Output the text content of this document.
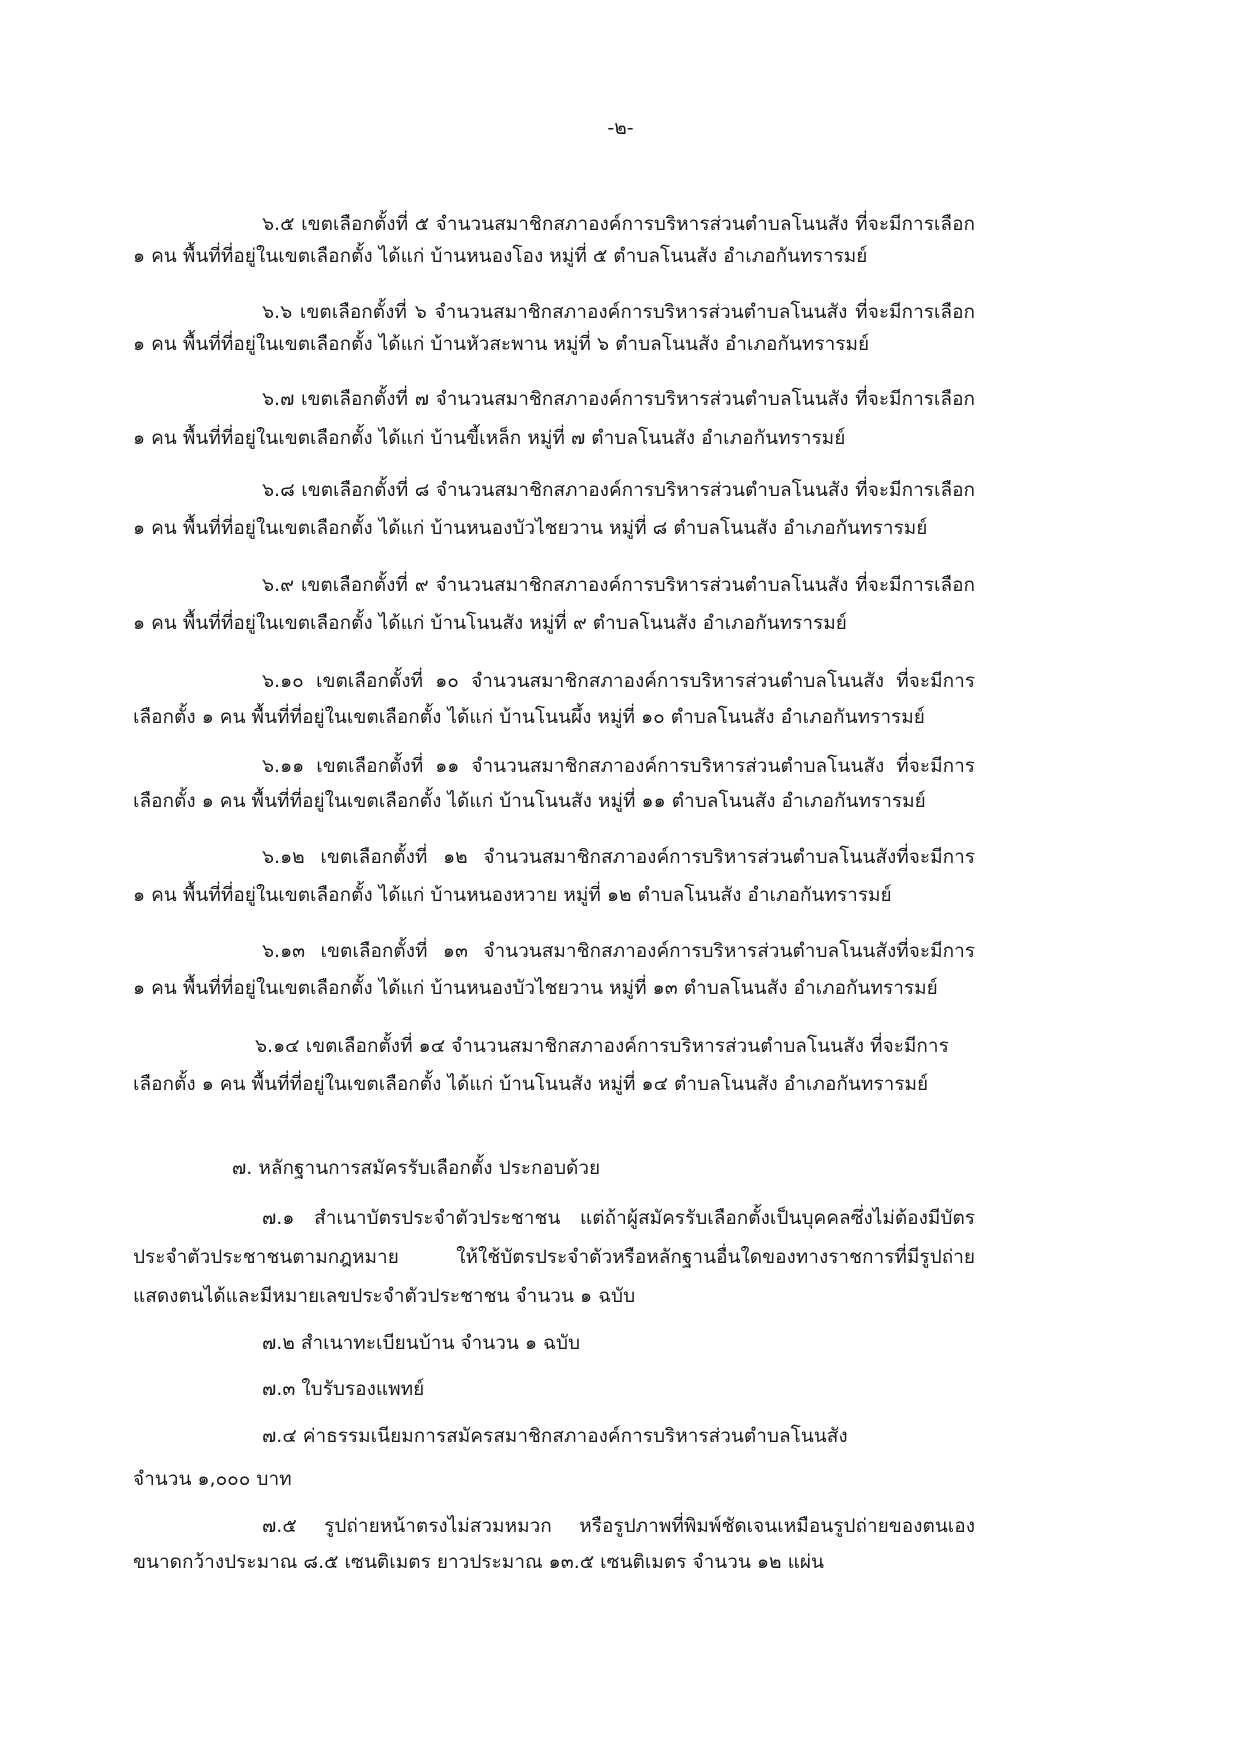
-๒-
๖.๕ เขตเลือกตั้งที่ ๕ จำนวนสมาชิกสภาองค์การบริหารส่วนตำบลโนนสัง ที่จะมีการเลือก
๑ คน พื้นที่ที่อยู่ในเขตเลือกตั้ง ได้แก่ บ้านหนองโอง หมู่ที่ ๕ ตำบลโนนสัง อำเภอกันทรารมย์
๖.๖ เขตเลือกตั้งที่ ๖ จำนวนสมาชิกสภาองค์การบริหารส่วนตำบลโนนสัง ที่จะมีการเลือก
๑ คน พื้นที่ที่อยู่ในเขตเลือกตั้ง ได้แก่ บ้านหัวสะพาน หมู่ที่ ๖ ตำบลโนนสัง อำเภอกันทรารมย์
๖.๗ เขตเลือกตั้งที่ ๗ จำนวนสมาชิกสภาองค์การบริหารส่วนตำบลโนนสัง ที่จะมีการเลือก
๑ คน พื้นที่ที่อยู่ในเขตเลือกตั้ง ได้แก่ บ้านขี้เหล็ก หมู่ที่ ๗ ตำบลโนนสัง อำเภอกันทรารมย์
๖.๘ เขตเลือกตั้งที่ ๘ จำนวนสมาชิกสภาองค์การบริหารส่วนตำบลโนนสัง ที่จะมีการเลือก
๑ คน พื้นที่ที่อยู่ในเขตเลือกตั้ง ได้แก่ บ้านหนองบัวไชยวาน หมู่ที่ ๘ ตำบลโนนสัง อำเภอกันทรารมย์
๖.๙ เขตเลือกตั้งที่ ๙ จำนวนสมาชิกสภาองค์การบริหารส่วนตำบลโนนสัง ที่จะมีการเลือก
๑ คน พื้นที่ที่อยู่ในเขตเลือกตั้ง ได้แก่ บ้านโนนสัง หมู่ที่ ๙ ตำบลโนนสัง อำเภอกันทรารมย์
๖.๑๐ เขตเลือกตั้งที่ ๑๐ จำนวนสมาชิกสภาองค์การบริหารส่วนตำบลโนนสัง ที่จะมีการ
เลือกตั้ง ๑ คน พื้นที่ที่อยู่ในเขตเลือกตั้ง ได้แก่ บ้านโนนผึ้ง หมู่ที่ ๑๐ ตำบลโนนสัง อำเภอกันทรารมย์
๖.๑๑ เขตเลือกตั้งที่ ๑๑ จำนวนสมาชิกสภาองค์การบริหารส่วนตำบลโนนสัง ที่จะมีการ
เลือกตั้ง ๑ คน พื้นที่ที่อยู่ในเขตเลือกตั้ง ได้แก่ บ้านโนนสัง หมู่ที่ ๑๑ ตำบลโนนสัง อำเภอกันทรารมย์
๖.๑๒ เขตเลือกตั้งที่ ๑๒ จำนวนสมาชิกสภาองค์การบริหารส่วนตำบลโนนสังที่จะมีการ
๑ คน พื้นที่ที่อยู่ในเขตเลือกตั้ง ได้แก่ บ้านหนองหวาย หมู่ที่ ๑๒ ตำบลโนนสัง อำเภอกันทรารมย์
๖.๑๓ เขตเลือกตั้งที่ ๑๓ จำนวนสมาชิกสภาองค์การบริหารส่วนตำบลโนนสังที่จะมีการ
๑ คน พื้นที่ที่อยู่ในเขตเลือกตั้ง ได้แก่ บ้านหนองบัวไชยวาน หมู่ที่ ๑๓ ตำบลโนนสัง อำเภอกันทรารมย์
๖.๑๔ เขตเลือกตั้งที่ ๑๔ จำนวนสมาชิกสภาองค์การบริหารส่วนตำบลโนนสัง ที่จะมีการ
เลือกตั้ง ๑ คน พื้นที่ที่อยู่ในเขตเลือกตั้ง ได้แก่ บ้านโนนสัง หมู่ที่ ๑๔ ตำบลโนนสัง อำเภอกันทรารมย์
๗. หลักฐานการสมัครรับเลือกตั้ง ประกอบด้วย
๗.๑ สำเนาบัตรประจำตัวประชาชน แต่ถ้าผู้สมัครรับเลือกตั้งเป็นบุคคลซึ่งไม่ต้องมีบัตร
ประจำตัวประชาชนตามกฎหมาย ให้ใช้บัตรประจำตัวหรือหลักฐานอื่นใดของทางราชการที่มีรูปถ่าย
แสดงตนได้และมีหมายเลขประจำตัวประชาชน จำนวน ๑ ฉบับ
๗.๒ สำเนาทะเบียนบ้าน จำนวน ๑ ฉบับ
๗.๓ ใบรับรองแพทย์
๗.๔ ค่าธรรมเนียมการสมัครสมาชิกสภาองค์การบริหารส่วนตำบลโนนสัง
จำนวน ๑,๐๐๐ บาท
๗.๕ รูปถ่ายหน้าตรงไม่สวมหมวก หรือรูปภาพที่พิมพ์ชัดเจนเหมือนรูปถ่ายของตนเอง
ขนาดกว้างประมาณ ๘.๕ เซนติเมตร ยาวประมาณ ๑๓.๕ เซนติเมตร จำนวน ๑๒ แผ่น
